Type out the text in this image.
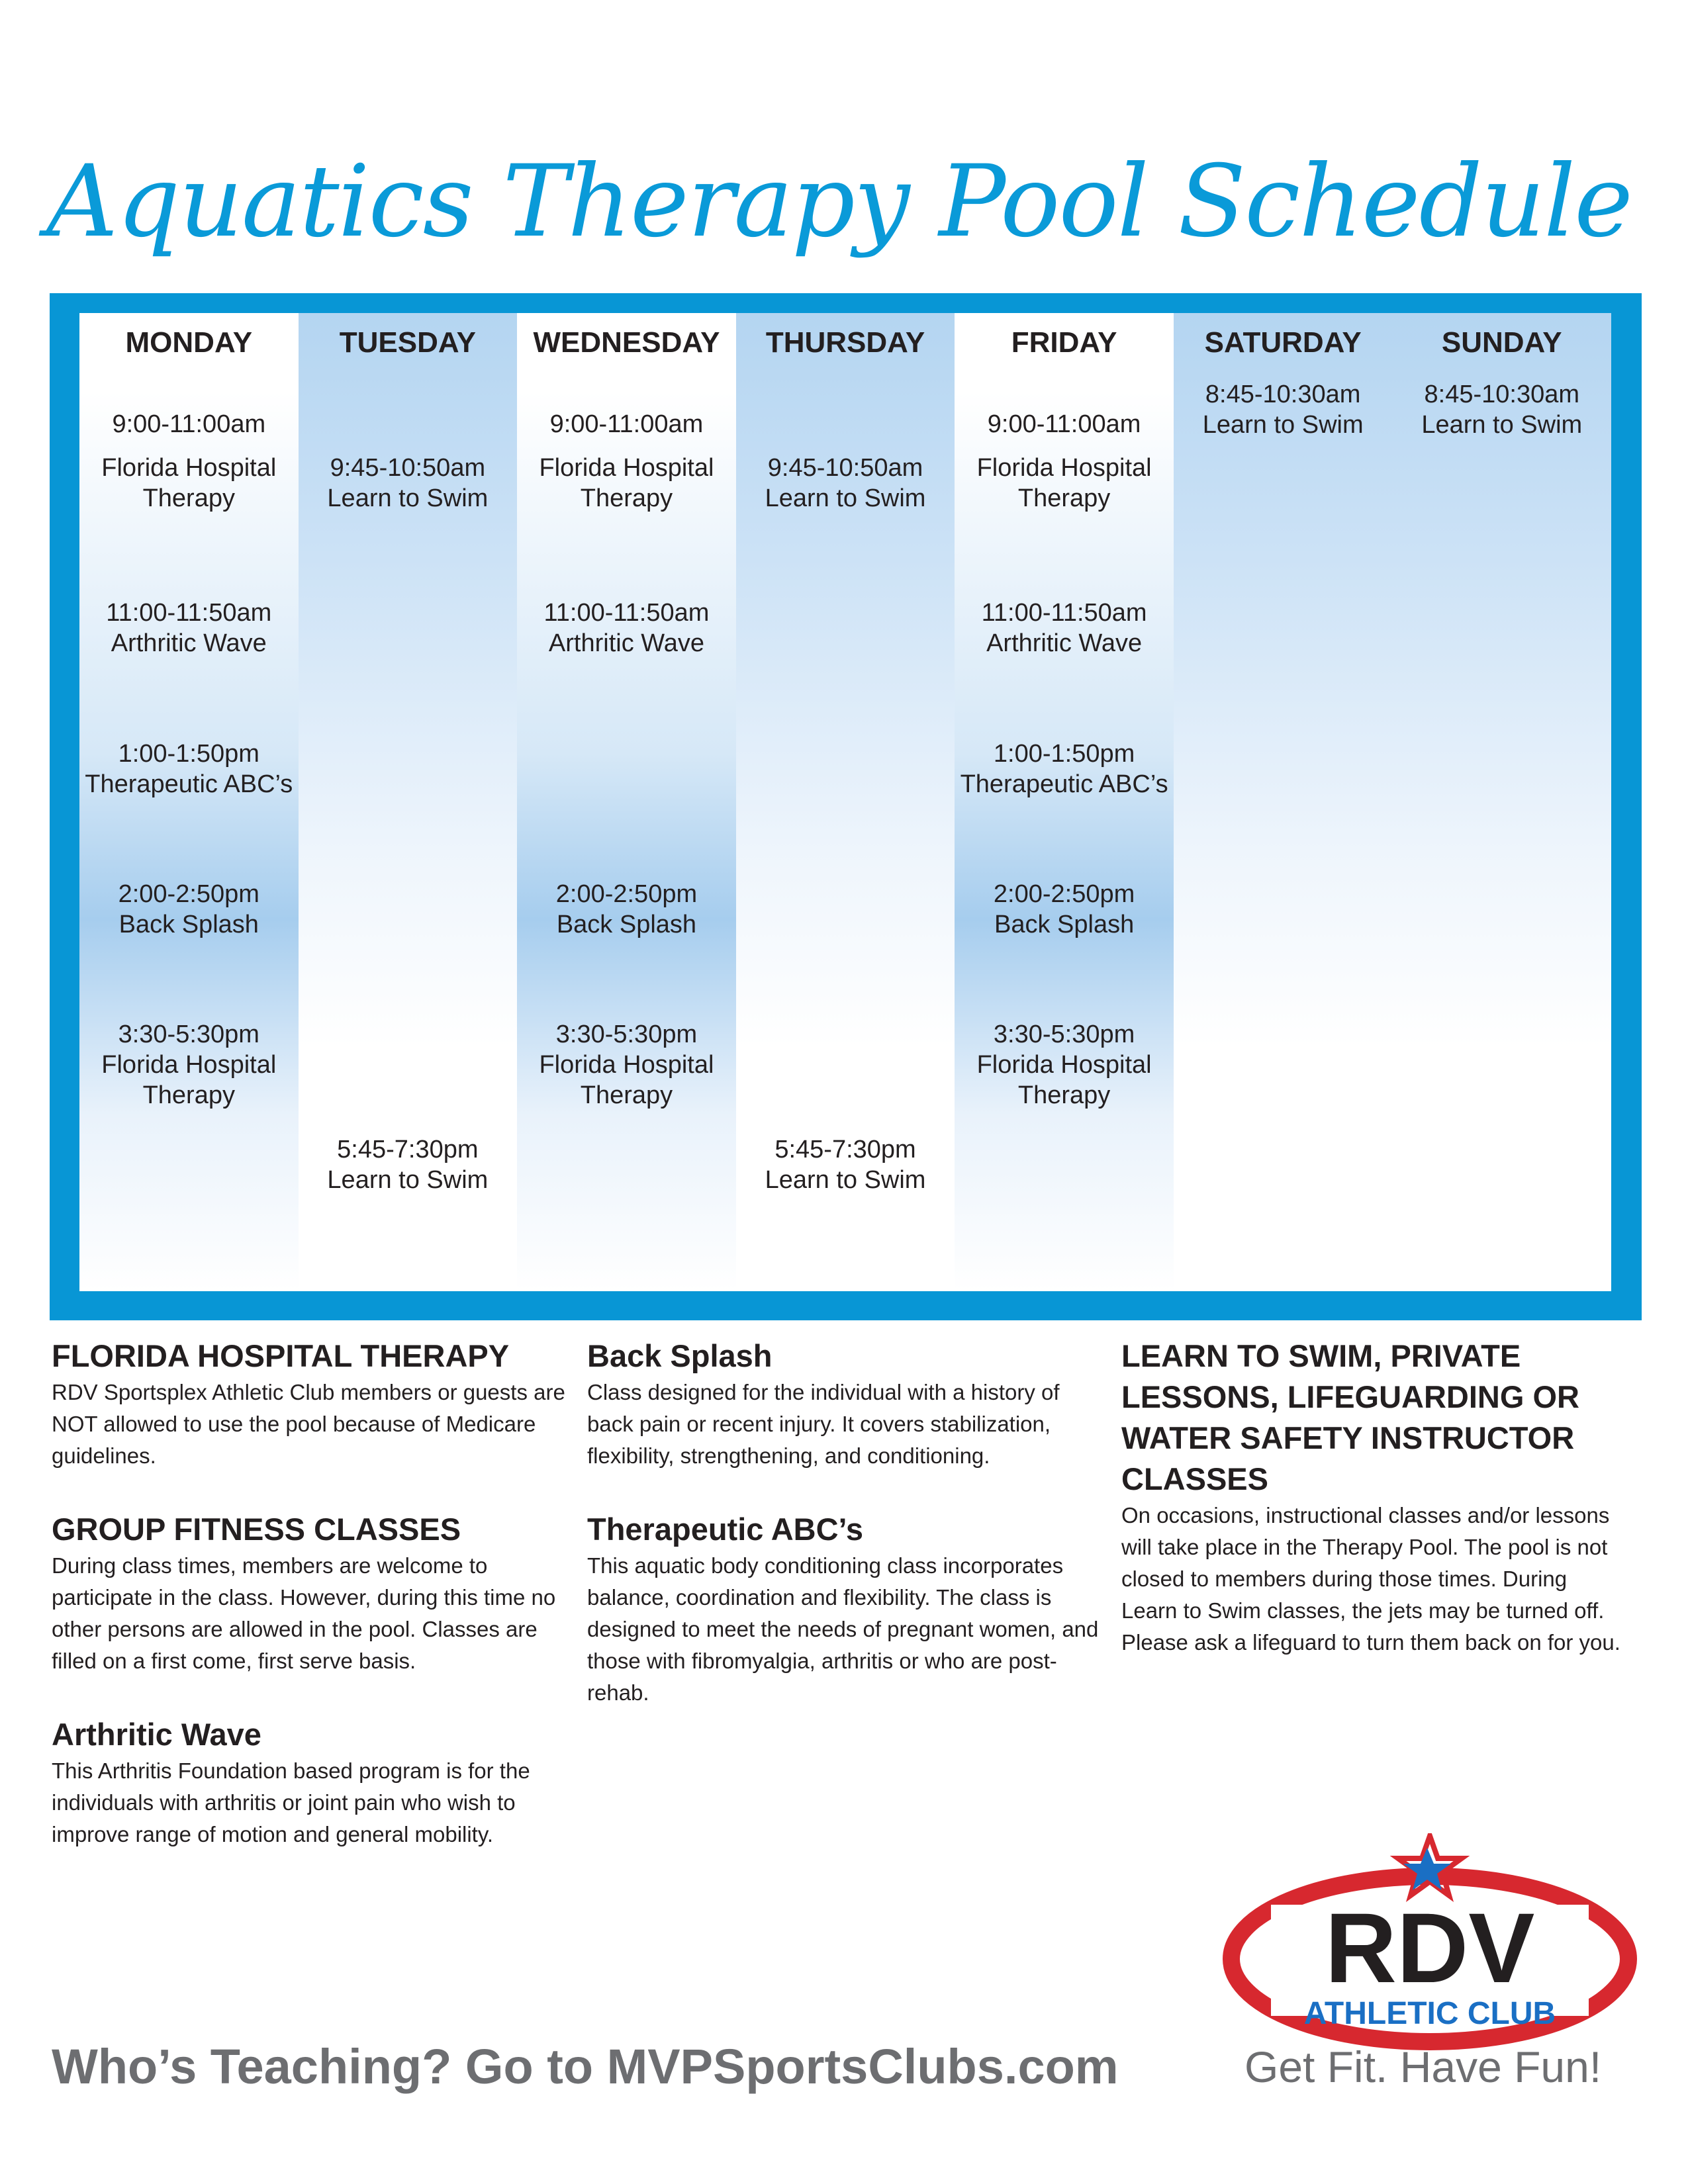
Aquatics Therapy Pool Schedule
MONDAY
9:00-11:00am
Florida Hospital Therapy
11:00-11:50am
Arthritic Wave
1:00-1:50pm
Therapeutic ABC’s
2:00-2:50pm
Back Splash
3:30-5:30pm
Florida Hospital Therapy
TUESDAY
9:45-10:50am
Learn to Swim
5:45-7:30pm
Learn to Swim
WEDNESDAY
9:00-11:00am
Florida Hospital Therapy
11:00-11:50am
Arthritic Wave
2:00-2:50pm
Back Splash
3:30-5:30pm
Florida Hospital Therapy
THURSDAY
9:45-10:50am
Learn to Swim
5:45-7:30pm
Learn to Swim
FRIDAY
9:00-11:00am
Florida Hospital Therapy
11:00-11:50am
Arthritic Wave
1:00-1:50pm
Therapeutic ABC’s
2:00-2:50pm
Back Splash
3:30-5:30pm
Florida Hospital Therapy
SATURDAY
8:45-10:30am
Learn to Swim
SUNDAY
8:45-10:30am
Learn to Swim

FLORIDA HOSPITAL THERAPY

RDV Sportsplex Athletic Club members or guests are NOT allowed to use the pool because of Medicare guidelines.

GROUP FITNESS CLASSES

During class times, members are welcome to participate in the class. However, during this time no other persons are allowed in the pool. Classes are filled on a first come, first serve basis.

Arthritic Wave

This Arthritis Foundation based program is for the individuals with arthritis or joint pain who wish to improve range of motion and general mobility.

Back Splash

Class designed for the individual with a history of back pain or recent injury. It covers stabilization, flexibility, strengthening, and conditioning.

Therapeutic ABC’s

This aquatic body conditioning class incorporates balance, coordination and flexibility. The class is designed to meet the needs of pregnant women, and those with fibromyalgia, arthritis or who are post-rehab.

LEARN TO SWIM, PRIVATE LESSONS, LIFEGUARDING OR WATER SAFETY INSTRUCTOR CLASSES

On occasions, instructional classes and/or lessons will take place in the Therapy Pool. The pool is not closed to members during those times. During Learn to Swim classes, the jets may be turned off. Please ask a lifeguard to turn them back on for you.

Who’s Teaching? Go to MVPSportsClubs.com
RDV
ATHLETIC CLUB
Get Fit. Have Fun!
